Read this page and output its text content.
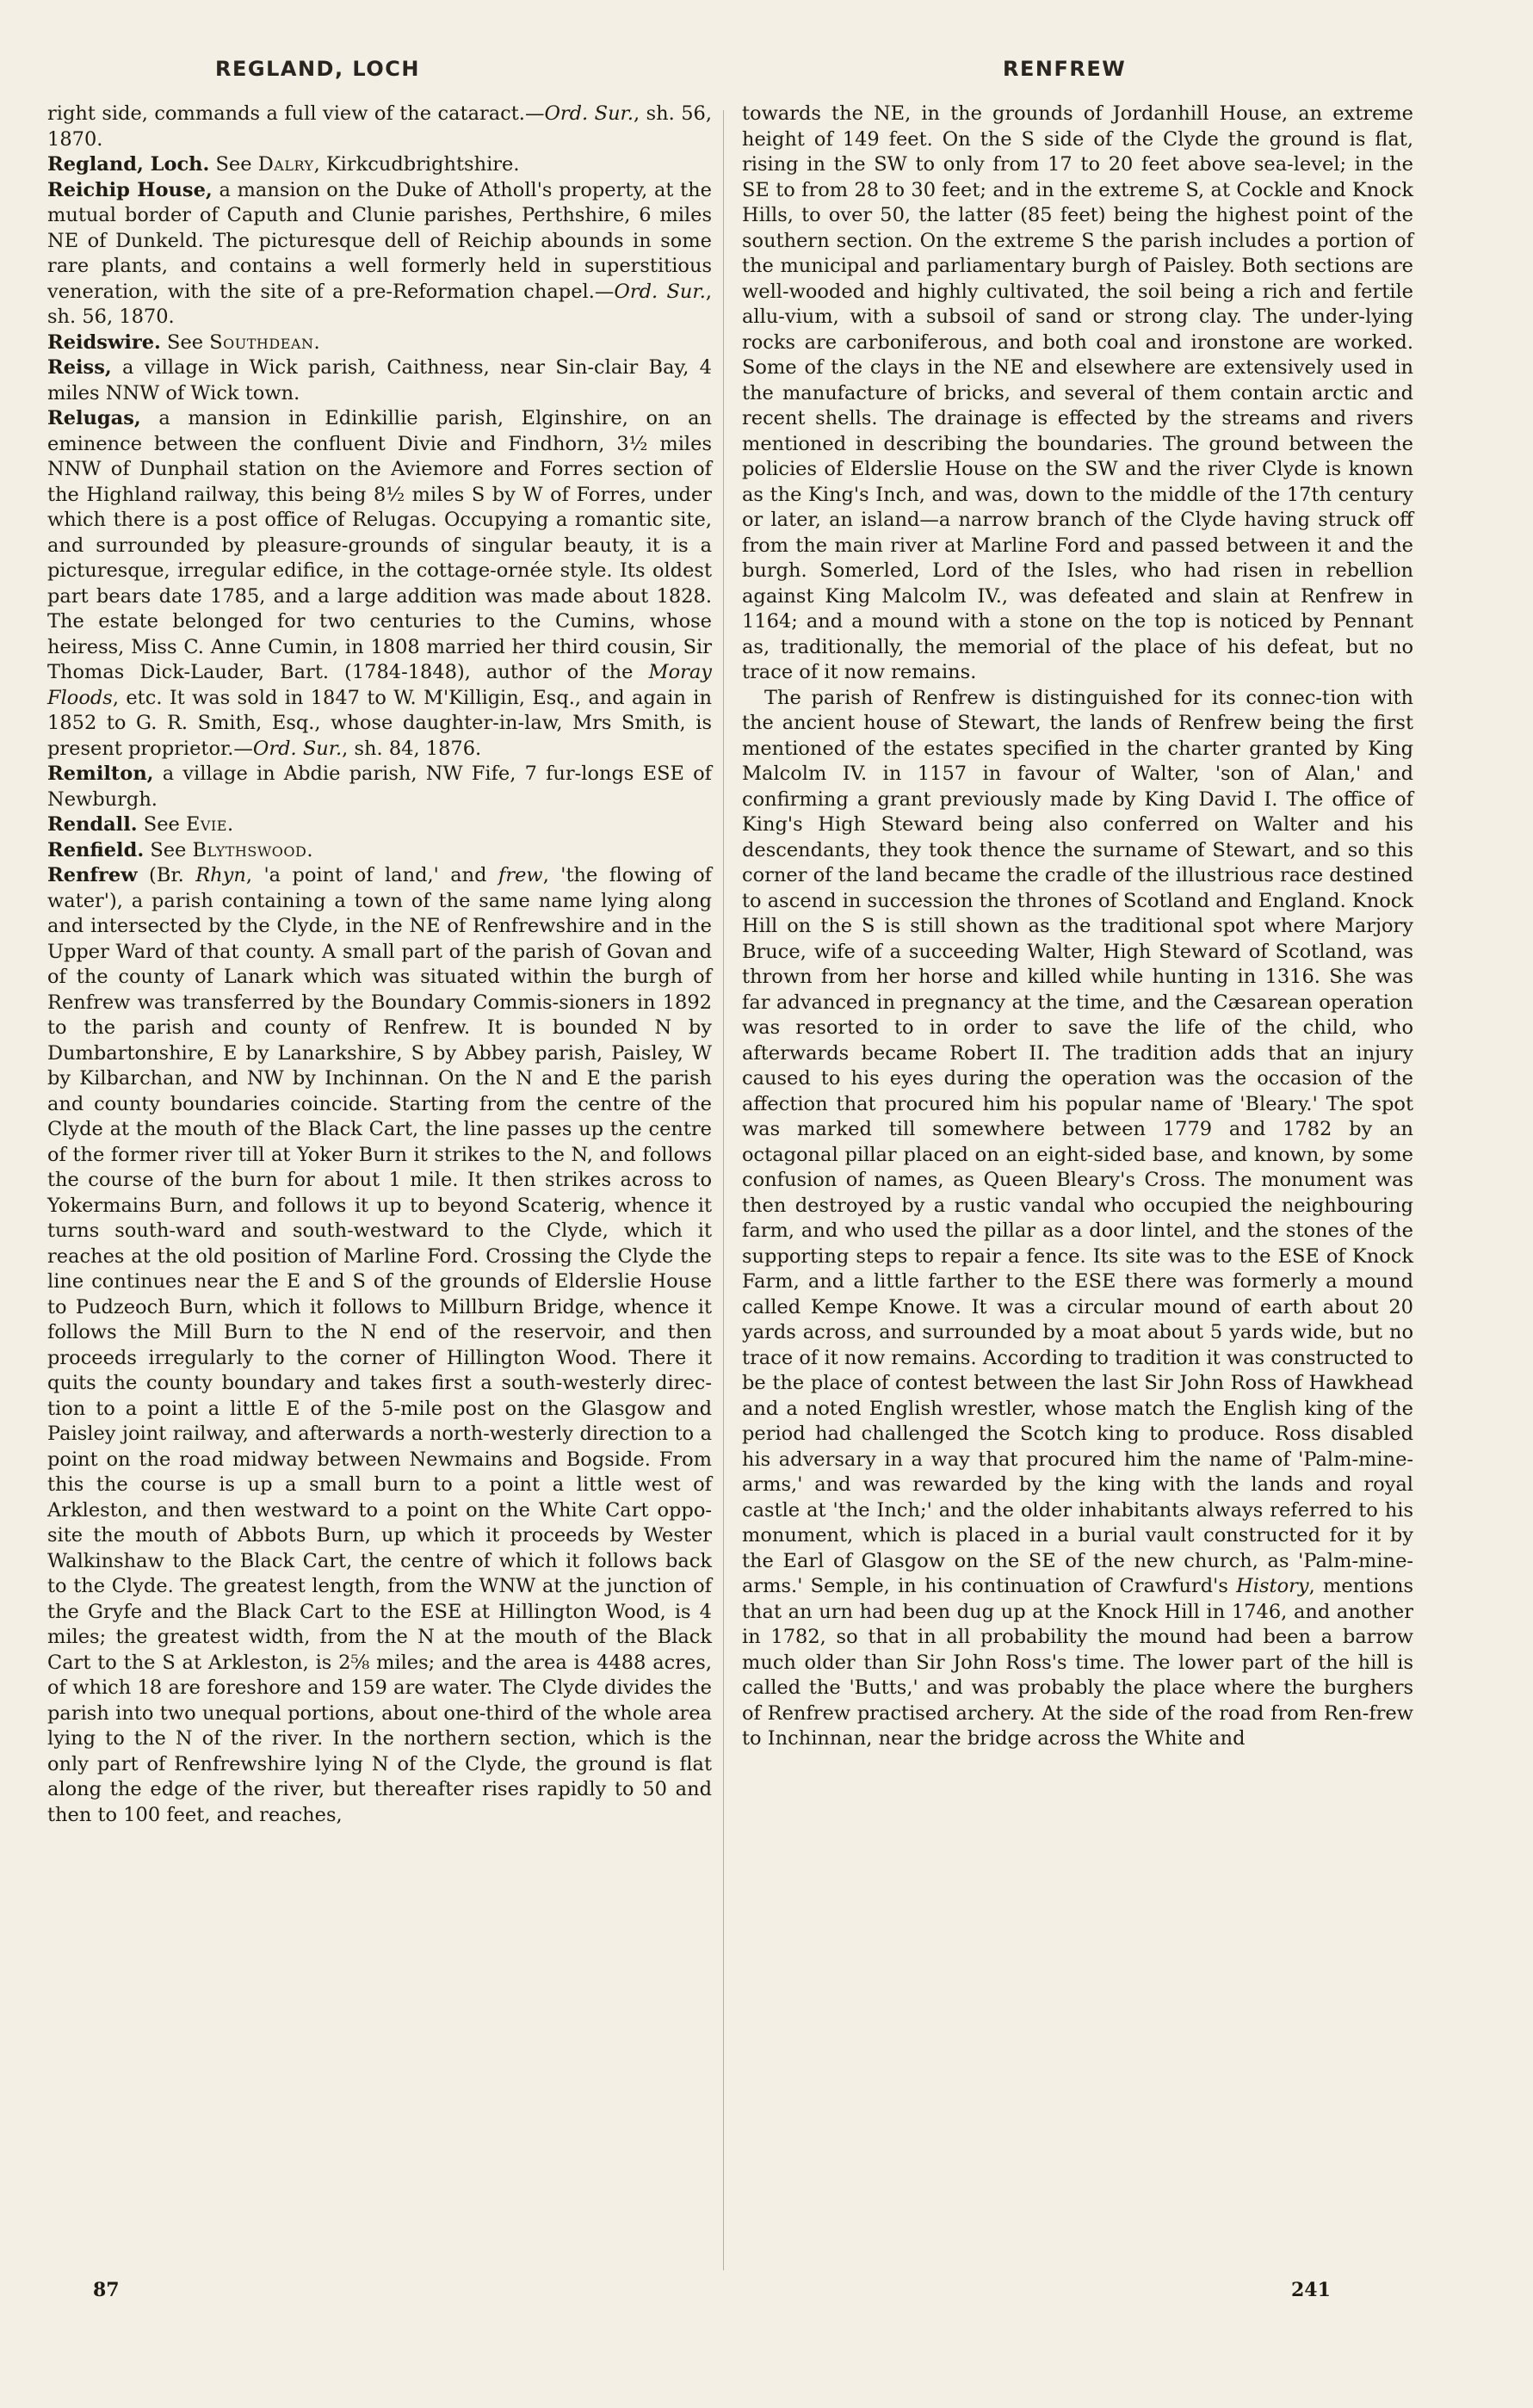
REGLAND, LOCH	RENFREW

right side, commands a full view of the cataract.—Ord. Sur., sh. 56, 1870.

Regland, Loch. See Dalry, Kirkcudbrightshire.

Reichip House, a mansion on the Duke of Atholl's property, at the mutual border of Caputh and Clunie parishes, Perthshire, 6 miles NE of Dunkeld. The picturesque dell of Reichip abounds in some rare plants, and contains a well formerly held in superstitious veneration, with the site of a pre-Reformation chapel.—Ord. Sur., sh. 56, 1870.

Reidswire. See Southdean.

Reiss, a village in Wick parish, Caithness, near Sin-clair Bay, 4 miles NNW of Wick town.

Relugas, a mansion in Edinkillie parish, Elginshire, on an eminence between the confluent Divie and Findhorn, 3½ miles NNW of Dunphail station on the Aviemore and Forres section of the Highland railway, this being 8½ miles S by W of Forres, under which there is a post office of Relugas. Occupying a romantic site, and surrounded by pleasure-grounds of singular beauty, it is a picturesque, irregular edifice, in the cottage-ornée style. Its oldest part bears date 1785, and a large addition was made about 1828. The estate belonged for two centuries to the Cumins, whose heiress, Miss C. Anne Cumin, in 1808 married her third cousin, Sir Thomas Dick-Lauder, Bart. (1784-1848), author of the Moray Floods, etc. It was sold in 1847 to W. M'Killigin, Esq., and again in 1852 to G. R. Smith, Esq., whose daughter-in-law, Mrs Smith, is present proprietor.—Ord. Sur., sh. 84, 1876.

Remilton, a village in Abdie parish, NW Fife, 7 fur-longs ESE of Newburgh.

Rendall. See Evie.

Renfield. See Blythswood.

Renfrew (Br. Rhyn, 'a point of land,' and frew, 'the flowing of water'), a parish containing a town of the same name lying along and intersected by the Clyde, in the NE of Renfrewshire and in the Upper Ward of that county. A small part of the parish of Govan and of the county of Lanark which was situated within the burgh of Renfrew was transferred by the Boundary Commis-sioners in 1892 to the parish and county of Renfrew. It is bounded N by Dumbartonshire, E by Lanarkshire, S by Abbey parish, Paisley, W by Kilbarchan, and NW by Inchinnan. On the N and E the parish and county boundaries coincide. Starting from the centre of the Clyde at the mouth of the Black Cart, the line passes up the centre of the former river till at Yoker Burn it strikes to the N, and follows the course of the burn for about 1 mile. It then strikes across to Yokermains Burn, and follows it up to beyond Scaterig, whence it turns south-ward and south-westward to the Clyde, which it reaches at the old position of Marline Ford. Crossing the Clyde the line continues near the E and S of the grounds of Elderslie House to Pudzeoch Burn, which it follows to Millburn Bridge, whence it follows the Mill Burn to the N end of the reservoir, and then proceeds irregularly to the corner of Hillington Wood. There it quits the county boundary and takes first a south-westerly direc-tion to a point a little E of the 5-mile post on the Glasgow and Paisley joint railway, and afterwards a north-westerly direction to a point on the road midway between Newmains and Bogside. From this the course is up a small burn to a point a little west of Arkleston, and then westward to a point on the White Cart oppo-site the mouth of Abbots Burn, up which it proceeds by Wester Walkinshaw to the Black Cart, the centre of which it follows back to the Clyde. The greatest length, from the WNW at the junction of the Gryfe and the Black Cart to the ESE at Hillington Wood, is 4 miles; the greatest width, from the N at the mouth of the Black Cart to the S at Arkleston, is 2⅝ miles; and the area is 4488 acres, of which 18 are foreshore and 159 are water. The Clyde divides the parish into two unequal portions, about one-third of the whole area lying to the N of the river. In the northern section, which is the only part of Renfrewshire lying N of the Clyde, the ground is flat along the edge of the river, but thereafter rises rapidly to 50 and then to 100 feet, and reaches,

towards the NE, in the grounds of Jordanhill House, an extreme height of 149 feet. On the S side of the Clyde the ground is flat, rising in the SW to only from 17 to 20 feet above sea-level; in the SE to from 28 to 30 feet; and in the extreme S, at Cockle and Knock Hills, to over 50, the latter (85 feet) being the highest point of the southern section. On the extreme S the parish includes a portion of the municipal and parliamentary burgh of Paisley. Both sections are well-wooded and highly cultivated, the soil being a rich and fertile allu-vium, with a subsoil of sand or strong clay. The under-lying rocks are carboniferous, and both coal and ironstone are worked. Some of the clays in the NE and elsewhere are extensively used in the manufacture of bricks, and several of them contain arctic and recent shells. The drainage is effected by the streams and rivers mentioned in describing the boundaries. The ground between the policies of Elderslie House on the SW and the river Clyde is known as the King's Inch, and was, down to the middle of the 17th century or later, an island—a narrow branch of the Clyde having struck off from the main river at Marline Ford and passed between it and the burgh. Somerled, Lord of the Isles, who had risen in rebellion against King Malcolm IV., was defeated and slain at Renfrew in 1164; and a mound with a stone on the top is noticed by Pennant as, traditionally, the memorial of the place of his defeat, but no trace of it now remains.

The parish of Renfrew is distinguished for its connec-tion with the ancient house of Stewart, the lands of Renfrew being the first mentioned of the estates specified in the charter granted by King Malcolm IV. in 1157 in favour of Walter, 'son of Alan,' and confirming a grant previously made by King David I. The office of King's High Steward being also conferred on Walter and his descendants, they took thence the surname of Stewart, and so this corner of the land became the cradle of the illustrious race destined to ascend in succession the thrones of Scotland and England. Knock Hill on the S is still shown as the traditional spot where Marjory Bruce, wife of a succeeding Walter, High Steward of Scotland, was thrown from her horse and killed while hunting in 1316. She was far advanced in pregnancy at the time, and the Cæsarean operation was resorted to in order to save the life of the child, who afterwards became Robert II. The tradition adds that an injury caused to his eyes during the operation was the occasion of the affection that procured him his popular name of 'Bleary.' The spot was marked till somewhere between 1779 and 1782 by an octagonal pillar placed on an eight-sided base, and known, by some confusion of names, as Queen Bleary's Cross. The monument was then destroyed by a rustic vandal who occupied the neighbouring farm, and who used the pillar as a door lintel, and the stones of the supporting steps to repair a fence. Its site was to the ESE of Knock Farm, and a little farther to the ESE there was formerly a mound called Kempe Knowe. It was a circular mound of earth about 20 yards across, and surrounded by a moat about 5 yards wide, but no trace of it now remains. According to tradition it was constructed to be the place of contest between the last Sir John Ross of Hawkhead and a noted English wrestler, whose match the English king of the period had challenged the Scotch king to produce. Ross disabled his adversary in a way that procured him the name of 'Palm-mine-arms,' and was rewarded by the king with the lands and royal castle at 'the Inch;' and the older inhabitants always referred to his monument, which is placed in a burial vault constructed for it by the Earl of Glasgow on the SE of the new church, as 'Palm-mine-arms.' Semple, in his continuation of Crawfurd's History, mentions that an urn had been dug up at the Knock Hill in 1746, and another in 1782, so that in all probability the mound had been a barrow much older than Sir John Ross's time. The lower part of the hill is called the 'Butts,' and was probably the place where the burghers of Renfrew practised archery. At the side of the road from Ren-frew to Inchinnan, near the bridge across the White and

87	241
